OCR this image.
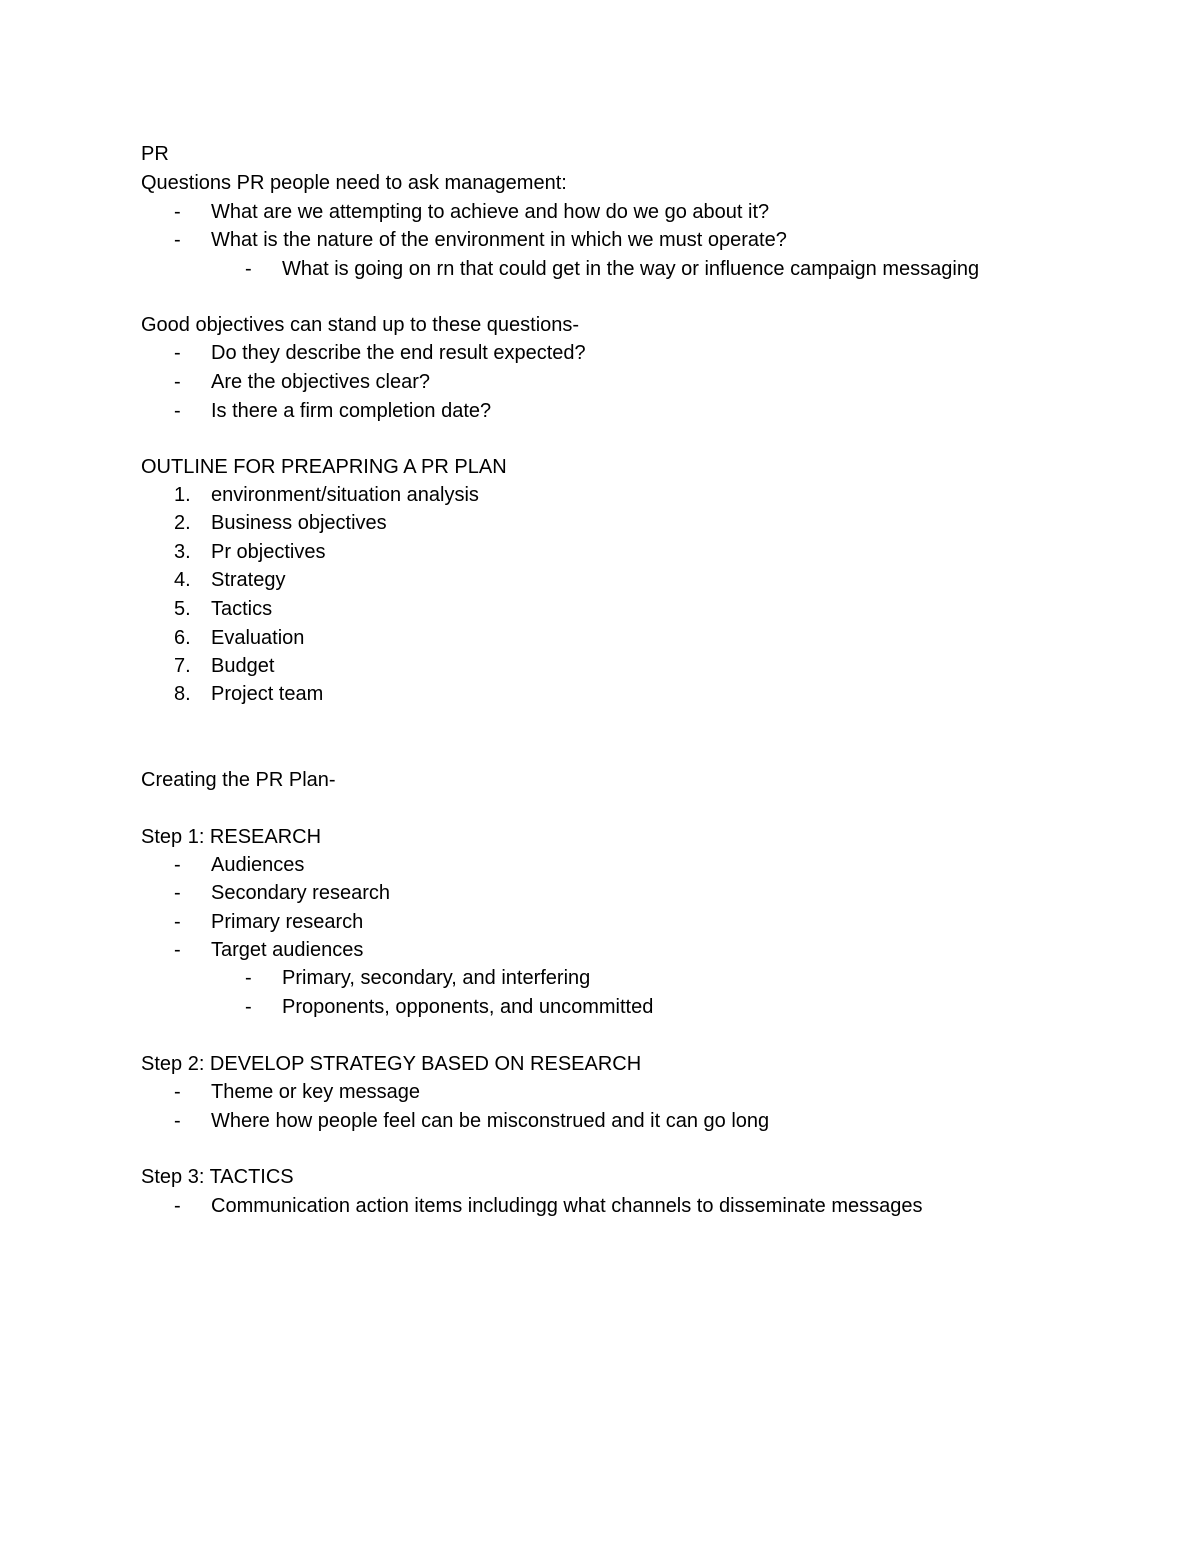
PR
Questions PR people need to ask management:
- What are we attempting to achieve and how do we go about it?
- What is the nature of the environment in which we must operate?
- What is going on rn that could get in the way or influence campaign messaging
Good objectives can stand up to these questions-
- Do they describe the end result expected?
- Are the objectives clear?
- Is there a firm completion date?
OUTLINE FOR PREAPRING A PR PLAN
1. environment/situation analysis
2. Business objectives
3. Pr objectives
4. Strategy
5. Tactics
6. Evaluation
7. Budget
8. Project team
Creating the PR Plan-
Step 1: RESEARCH
- Audiences
- Secondary research
- Primary research
- Target audiences
- Primary, secondary, and interfering
- Proponents, opponents, and uncommitted
Step 2: DEVELOP STRATEGY BASED ON RESEARCH
- Theme or key message
- Where how people feel can be misconstrued and it can go long
Step 3: TACTICS
- Communication action items includingg what channels to disseminate messages
